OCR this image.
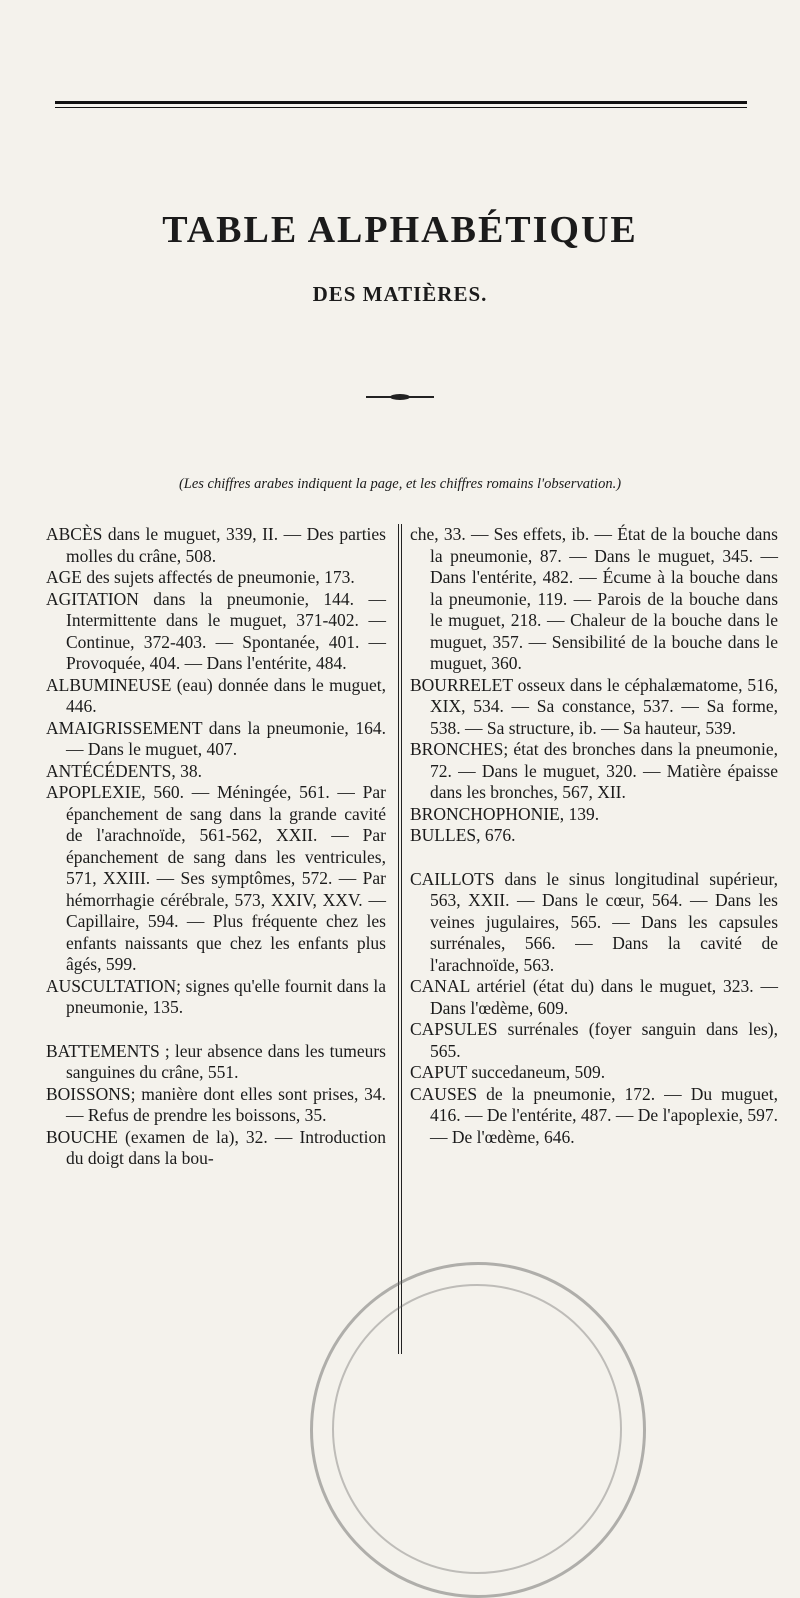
TABLE ALPHABÉTIQUE
DES MATIÈRES.
(Les chiffres arabes indiquent la page, et les chiffres romains l'observation.)

ABCÈS dans le muguet, 339, II. — Des parties molles du crâne, 508.

AGE des sujets affectés de pneumonie, 173.

AGITATION dans la pneumonie, 144. — Intermittente dans le muguet, 371-402. — Continue, 372-403. — Spontanée, 401. — Provoquée, 404. — Dans l'entérite, 484.

ALBUMINEUSE (eau) donnée dans le muguet, 446.

AMAIGRISSEMENT dans la pneumonie, 164. — Dans le muguet, 407.

ANTÉCÉDENTS, 38.

APOPLEXIE, 560. — Méningée, 561. — Par épanchement de sang dans la grande cavité de l'arachnoïde, 561-562, XXII. — Par épanchement de sang dans les ventricules, 571, XXIII. — Ses symptômes, 572. — Par hémorrhagie cérébrale, 573, XXIV, XXV. — Capillaire, 594. — Plus fréquente chez les enfants naissants que chez les enfants plus âgés, 599.

AUSCULTATION; signes qu'elle fournit dans la pneumonie, 135.

BATTEMENTS ; leur absence dans les tumeurs sanguines du crâne, 551.

BOISSONS; manière dont elles sont prises, 34. — Refus de prendre les boissons, 35.

BOUCHE (examen de la), 32. — Introduction du doigt dans la bou-

che, 33. — Ses effets, ib. — État de la bouche dans la pneumonie, 87. — Dans le muguet, 345. — Dans l'entérite, 482. — Écume à la bouche dans la pneumonie, 119. — Parois de la bouche dans le muguet, 218. — Chaleur de la bouche dans le muguet, 357. — Sensibilité de la bouche dans le muguet, 360.

BOURRELET osseux dans le céphalæmatome, 516, XIX, 534. — Sa constance, 537. — Sa forme, 538. — Sa structure, ib. — Sa hauteur, 539.

BRONCHES; état des bronches dans la pneumonie, 72. — Dans le muguet, 320. — Matière épaisse dans les bronches, 567, XII.

BRONCHOPHONIE, 139.

BULLES, 676.

CAILLOTS dans le sinus longitudinal supérieur, 563, XXII. — Dans le cœur, 564. — Dans les veines jugulaires, 565. — Dans les capsules surrénales, 566. — Dans la cavité de l'arachnoïde, 563.

CANAL artériel (état du) dans le muguet, 323. — Dans l'œdème, 609.

CAPSULES surrénales (foyer sanguin dans les), 565.

CAPUT succedaneum, 509.

CAUSES de la pneumonie, 172. — Du muguet, 416. — De l'entérite, 487. — De l'apoplexie, 597. — De l'œdème, 646.
